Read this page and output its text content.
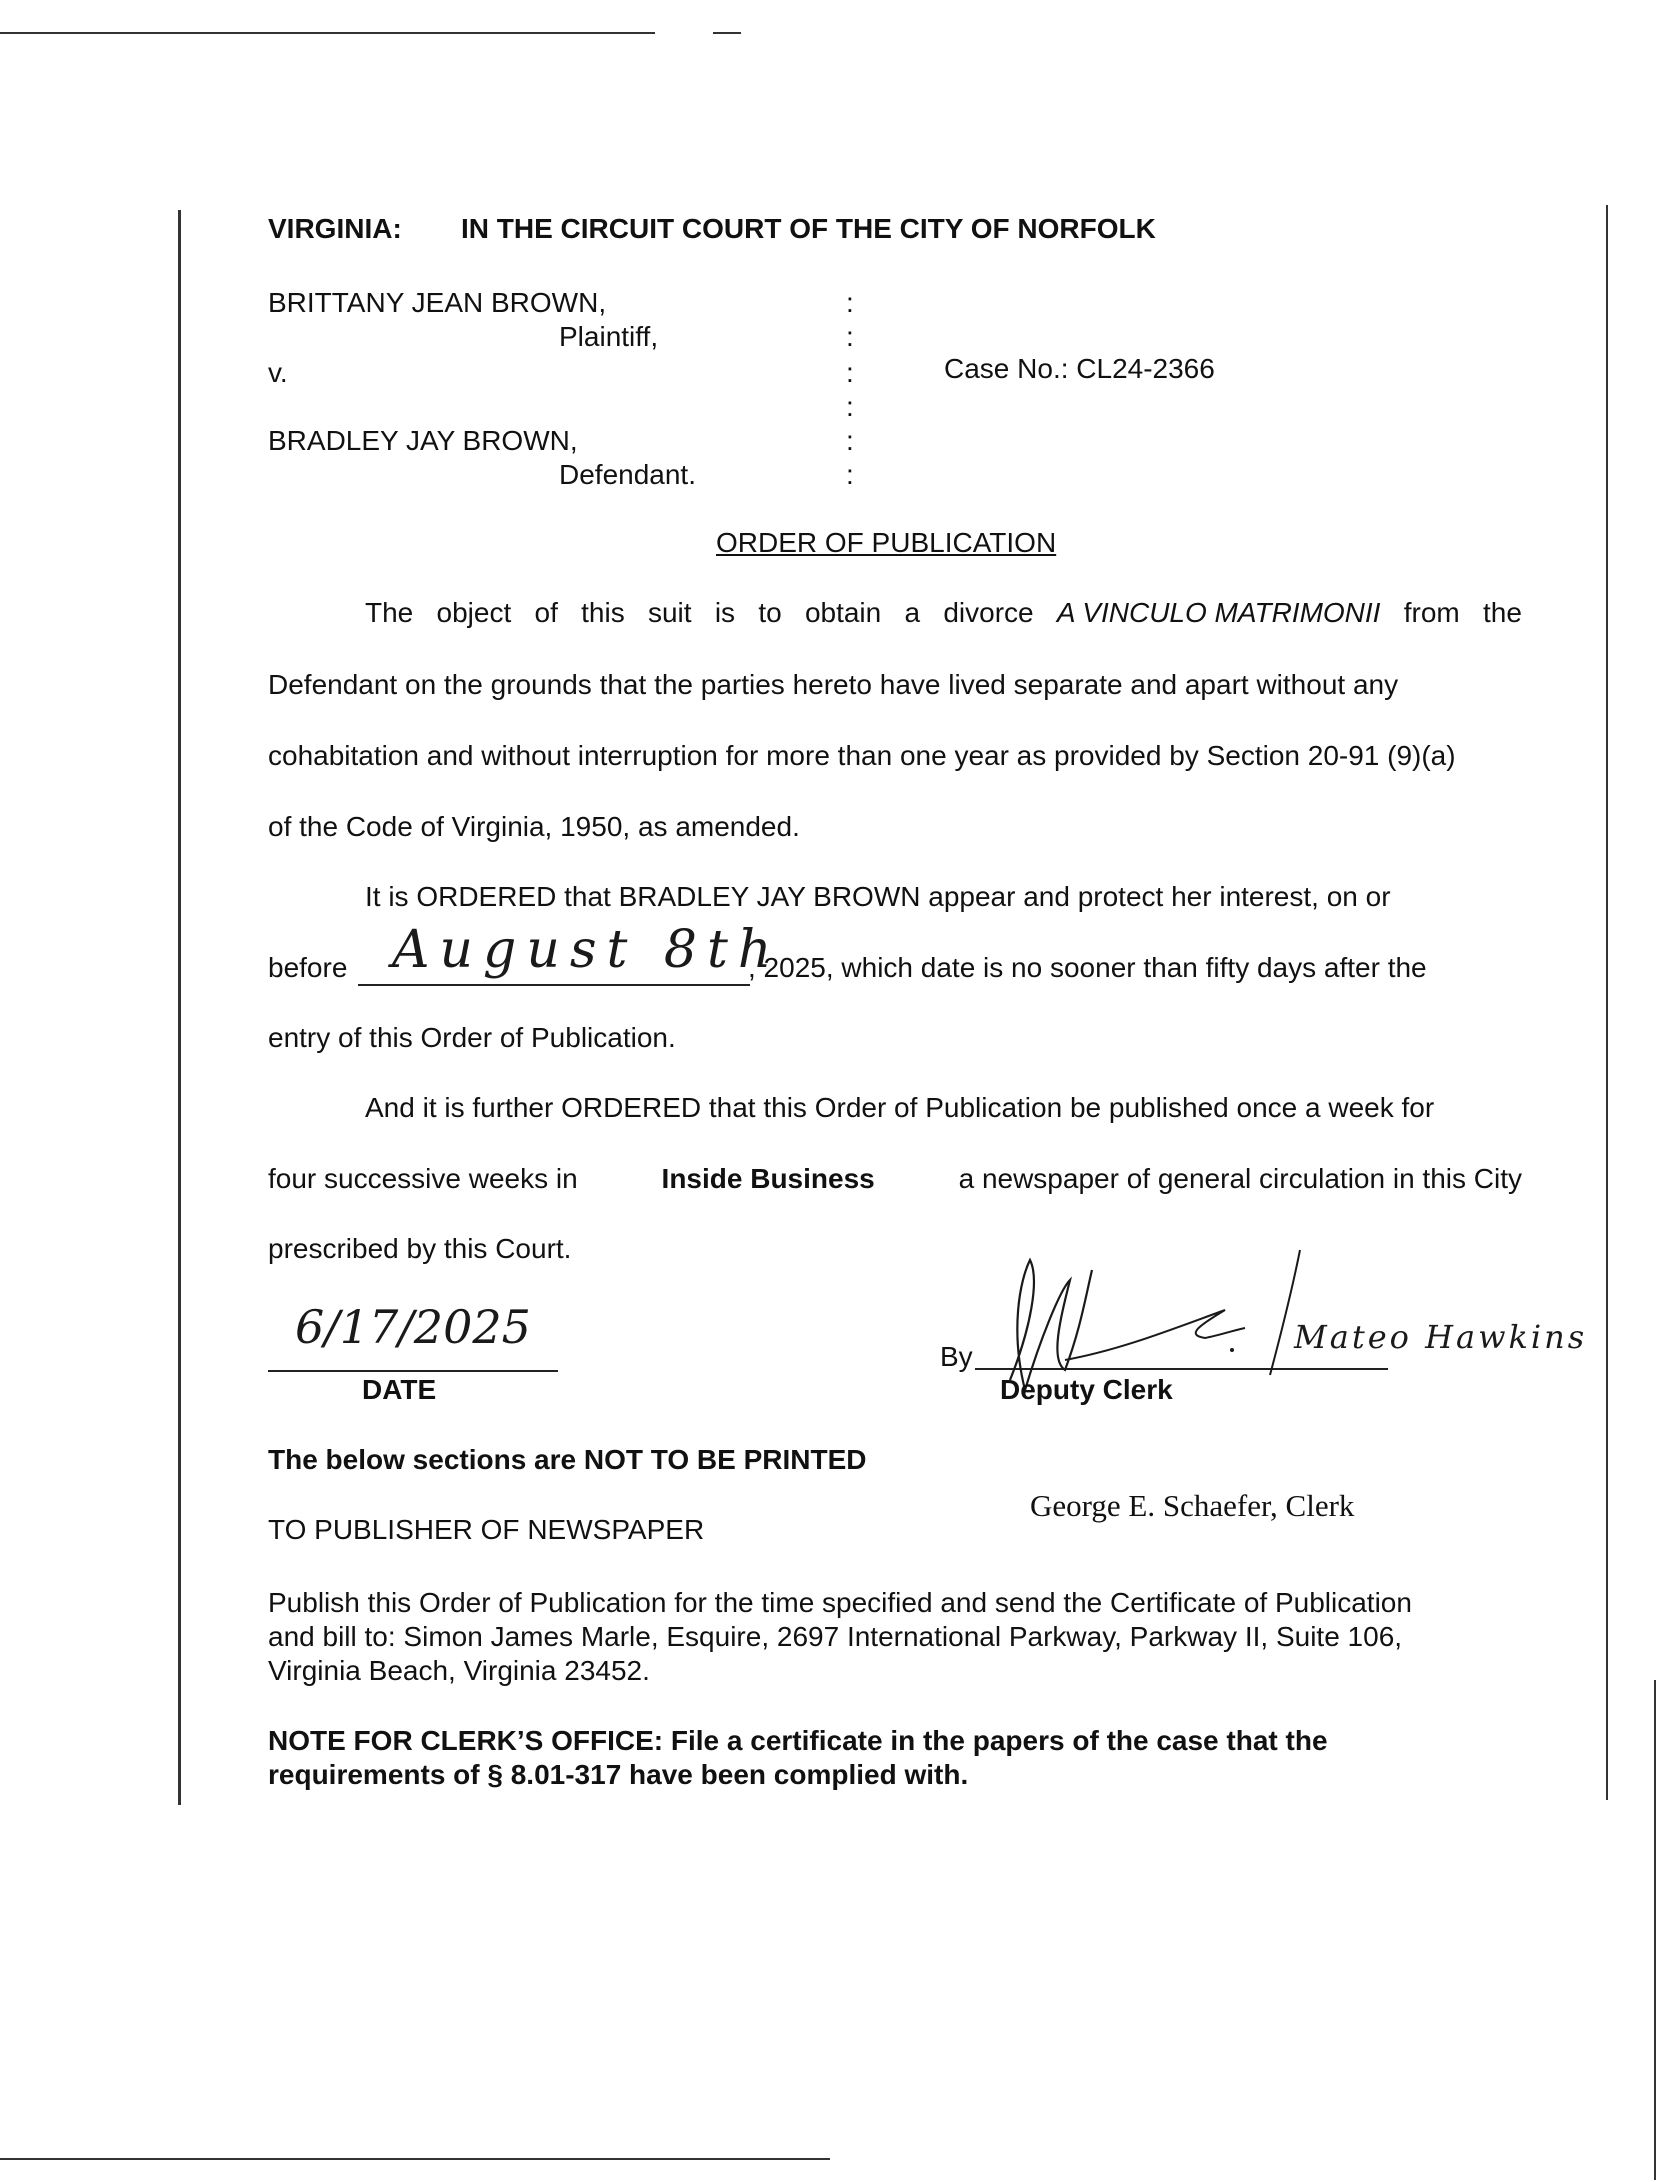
VIRGINIA: IN THE CIRCUIT COURT OF THE CITY OF NORFOLK
BRITTANY JEAN BROWN,
Plaintiff,
v.
BRADLEY JAY BROWN,
Defendant.
:
:
:
:
:
:
Case No.: CL24-2366
ORDER OF PUBLICATION
The object of this suit is to obtain a divorce A VINCULO MATRIMONII from the
Defendant on the grounds that the parties hereto have lived separate and apart without any
cohabitation and without interruption for more than one year as provided by Section 20-91 (9)(a)
of the Code of Virginia, 1950, as amended.
It is ORDERED that BRADLEY JAY BROWN appear and protect her interest, on or
before August 8th
, 2025, which date is no sooner than fifty days after the
entry of this Order of Publication.
And it is further ORDERED that this Order of Publication be published once a week for
four successive weeks in	Inside Business	a newspaper of general circulation in this City
prescribed by this Court.
6/17/2025
DATE
By
Mateo Hawkins
Deputy Clerk
The below sections are NOT TO BE PRINTED
TO PUBLISHER OF NEWSPAPER
George E. Schaefer, Clerk
Publish this Order of Publication for the time specified and send the Certificate of Publication
and bill to: Simon James Marle, Esquire, 2697 International Parkway, Parkway II, Suite 106,
Virginia Beach, Virginia 23452.
NOTE FOR CLERK’S OFFICE: File a certificate in the papers of the case that the
requirements of § 8.01-317 have been complied with.
